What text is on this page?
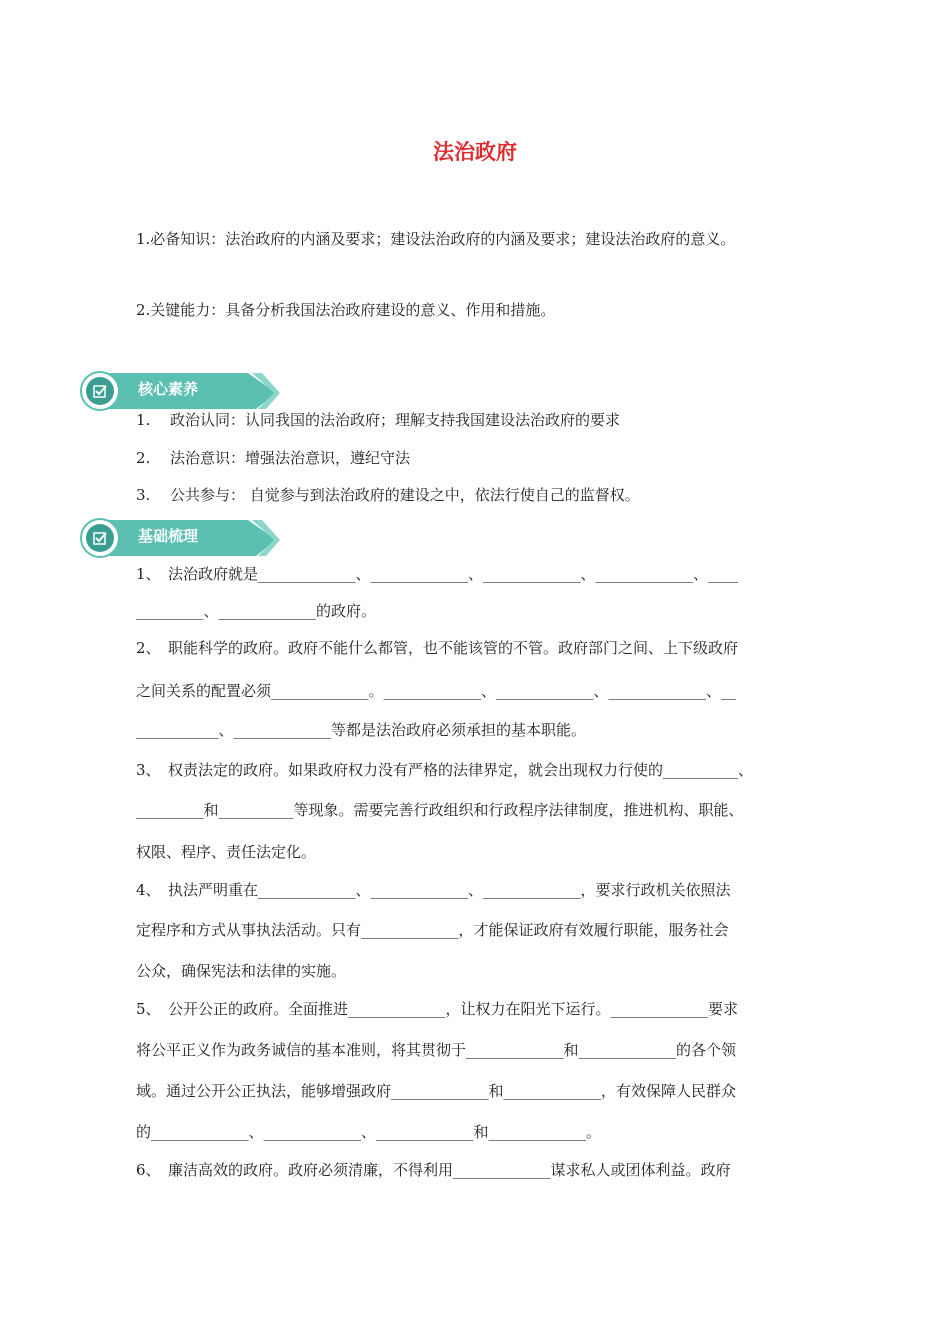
法治政府
1.必备知识：法治政府的内涵及要求；建设法治政府的内涵及要求；建设法治政府的意义。
2.关键能力：具备分析我国法治政府建设的意义、作用和措施。
核心素养
1. 政治认同：认同我国的法治政府；理解支持我国建设法治政府的要求
2. 法治意识：增强法治意识，遵纪守法
3. 公共参与： 自觉参与到法治政府的建设之中，依法行使自己的监督权。
基础梳理
1、　法治政府就是_____________、_____________、_____________、_____________、____
_________、_____________的政府。
2、　职能科学的政府。政府不能什么都管，也不能该管的不管。政府部门之间、上下级政府
之间关系的配置必须_____________。_____________、_____________、_____________、__
___________、_____________等都是法治政府必须承担的基本职能。
3、　权责法定的政府。如果政府权力没有严格的法律界定，就会出现权力行使的__________、
_________和__________等现象。需要完善行政组织和行政程序法律制度，推进机构、职能、
权限、程序、责任法定化。
4、　执法严明重在_____________、_____________、_____________，要求行政机关依照法
定程序和方式从事执法活动。只有_____________，才能保证政府有效履行职能，服务社会
公众，确保宪法和法律的实施。
5、　公开公正的政府。全面推进_____________，让权力在阳光下运行。_____________要求
将公平正义作为政务诚信的基本准则，将其贯彻于_____________和_____________的各个领
域。通过公开公正执法，能够增强政府_____________和_____________，有效保障人民群众
的_____________、_____________、_____________和_____________。
6、　廉洁高效的政府。政府必须清廉，不得利用_____________谋求私人或团体利益。政府
